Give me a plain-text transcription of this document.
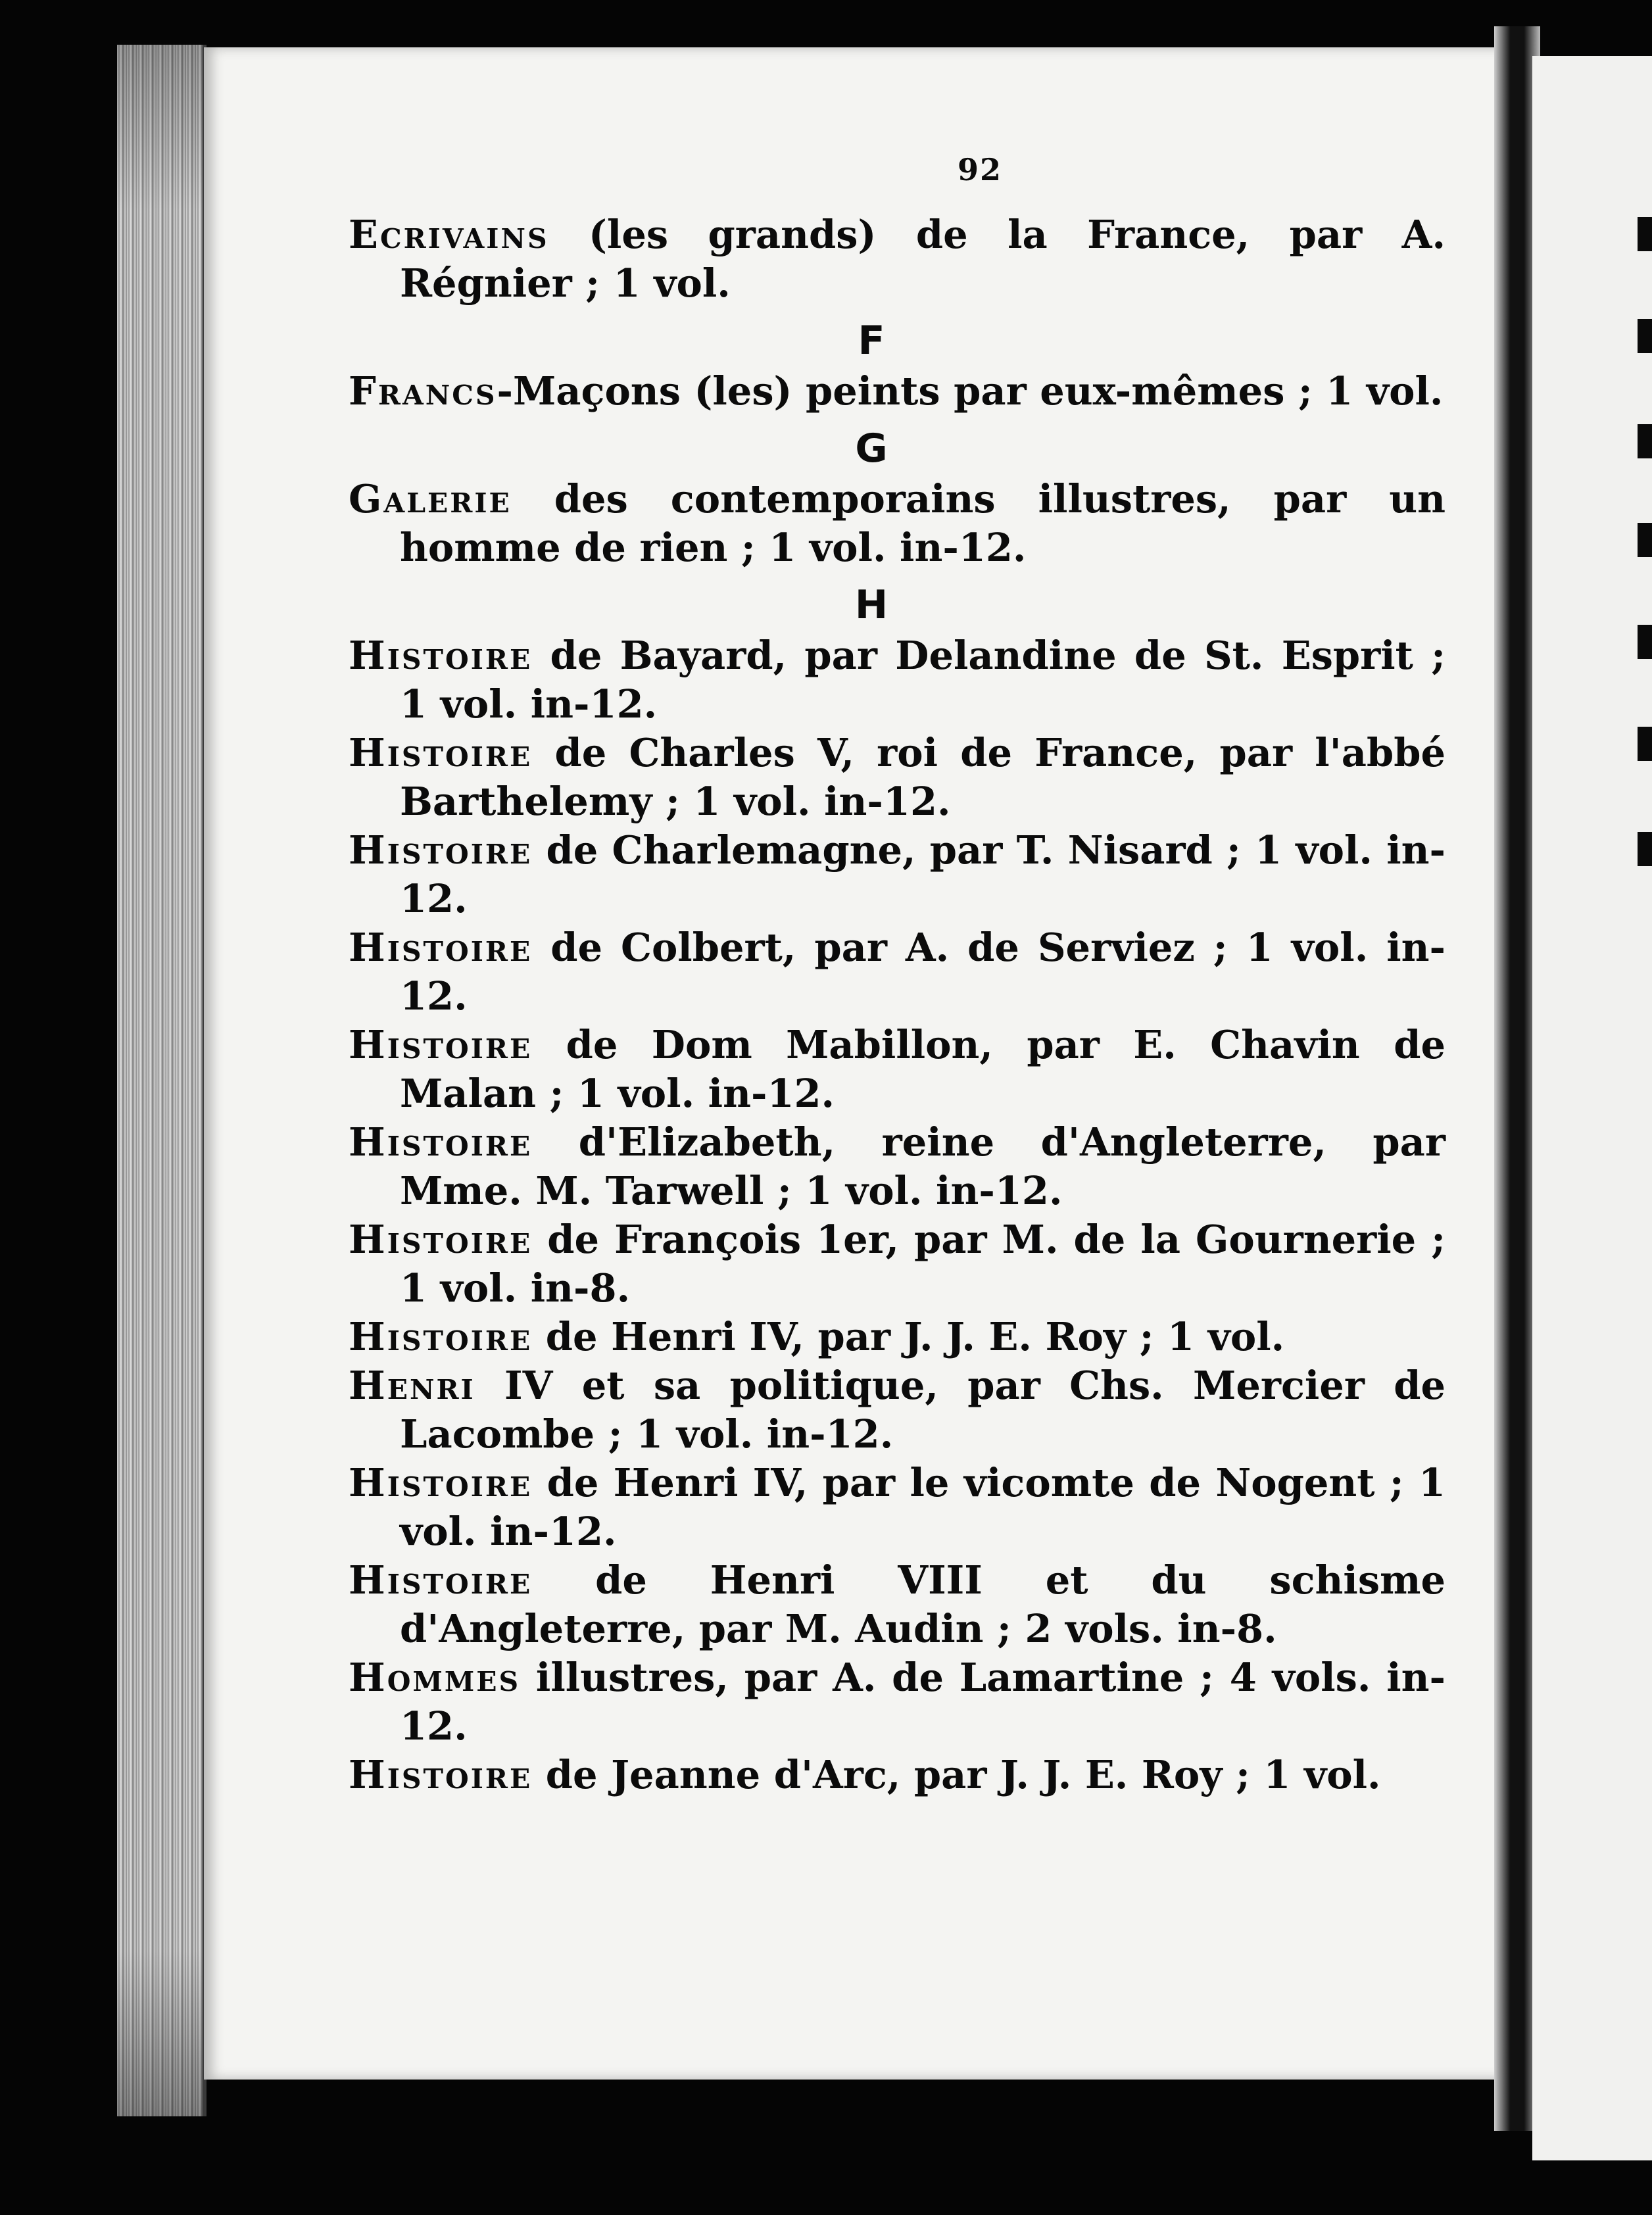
92

Ecrivains (les grands) de la France, par A. Régnier ; 1 vol.

F

Francs-Maçons (les) peints par eux-mêmes ; 1 vol.

G

Galerie des contemporains illustres, par un homme de rien ; 1 vol. in-12.

H

Histoire de Bayard, par Delandine de St. Esprit ; 1 vol. in-12.

Histoire de Charles V, roi de France, par l'abbé Barthelemy ; 1 vol. in-12.

Histoire de Charlemagne, par T. Nisard ; 1 vol. in-12.

Histoire de Colbert, par A. de Serviez ; 1 vol. in-12.

Histoire de Dom Mabillon, par E. Chavin de Malan ; 1 vol. in-12.

Histoire d'Elizabeth, reine d'Angleterre, par Mme. M. Tarwell ; 1 vol. in-12.

Histoire de François 1er, par M. de la Gournerie ; 1 vol. in-8.

Histoire de Henri IV, par J. J. E. Roy ; 1 vol.

Henri IV et sa politique, par Chs. Mercier de Lacombe ; 1 vol. in-12.

Histoire de Henri IV, par le vicomte de Nogent ; 1 vol. in-12.

Histoire de Henri VIII et du schisme d'Angleterre, par M. Audin ; 2 vols. in-8.

Hommes illustres, par A. de Lamartine ; 4 vols. in-12.

Histoire de Jeanne d'Arc, par J. J. E. Roy ; 1 vol.
